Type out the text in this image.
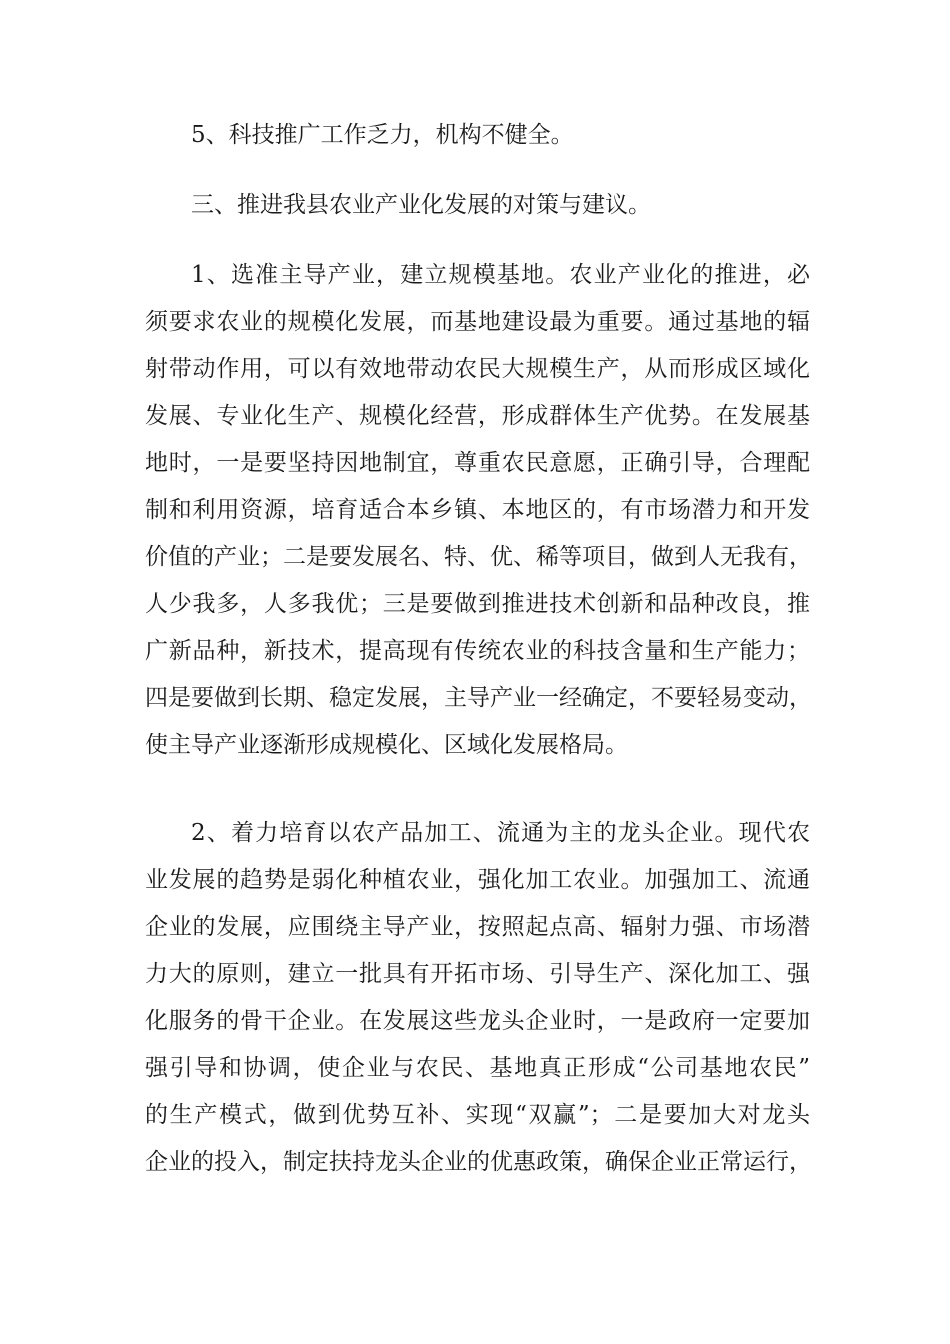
5、科技推广工作乏力，机构不健全。
三、推进我县农业产业化发展的对策与建议。
1、选准主导产业，建立规模基地。农业产业化的推进，必
须要求农业的规模化发展，而基地建设最为重要。通过基地的辐
射带动作用，可以有效地带动农民大规模生产，从而形成区域化
发展、专业化生产、规模化经营，形成群体生产优势。在发展基
地时，一是要坚持因地制宜，尊重农民意愿，正确引导，合理配
制和利用资源，培育适合本乡镇、本地区的，有市场潜力和开发
价值的产业；二是要发展名、特、优、稀等项目，做到人无我有，
人少我多，人多我优；三是要做到推进技术创新和品种改良，推
广新品种，新技术，提高现有传统农业的科技含量和生产能力；
四是要做到长期、稳定发展，主导产业一经确定，不要轻易变动，
使主导产业逐渐形成规模化、区域化发展格局。
2、着力培育以农产品加工、流通为主的龙头企业。现代农
业发展的趋势是弱化种植农业，强化加工农业。加强加工、流通
企业的发展，应围绕主导产业，按照起点高、辐射力强、市场潜
力大的原则，建立一批具有开拓市场、引导生产、深化加工、强
化服务的骨干企业。在发展这些龙头企业时，一是政府一定要加
强引导和协调，使企业与农民、基地真正形成“公司基地农民”
的生产模式，做到优势互补、实现“双赢”；二是要加大对龙头
企业的投入，制定扶持龙头企业的优惠政策，确保企业正常运行，
